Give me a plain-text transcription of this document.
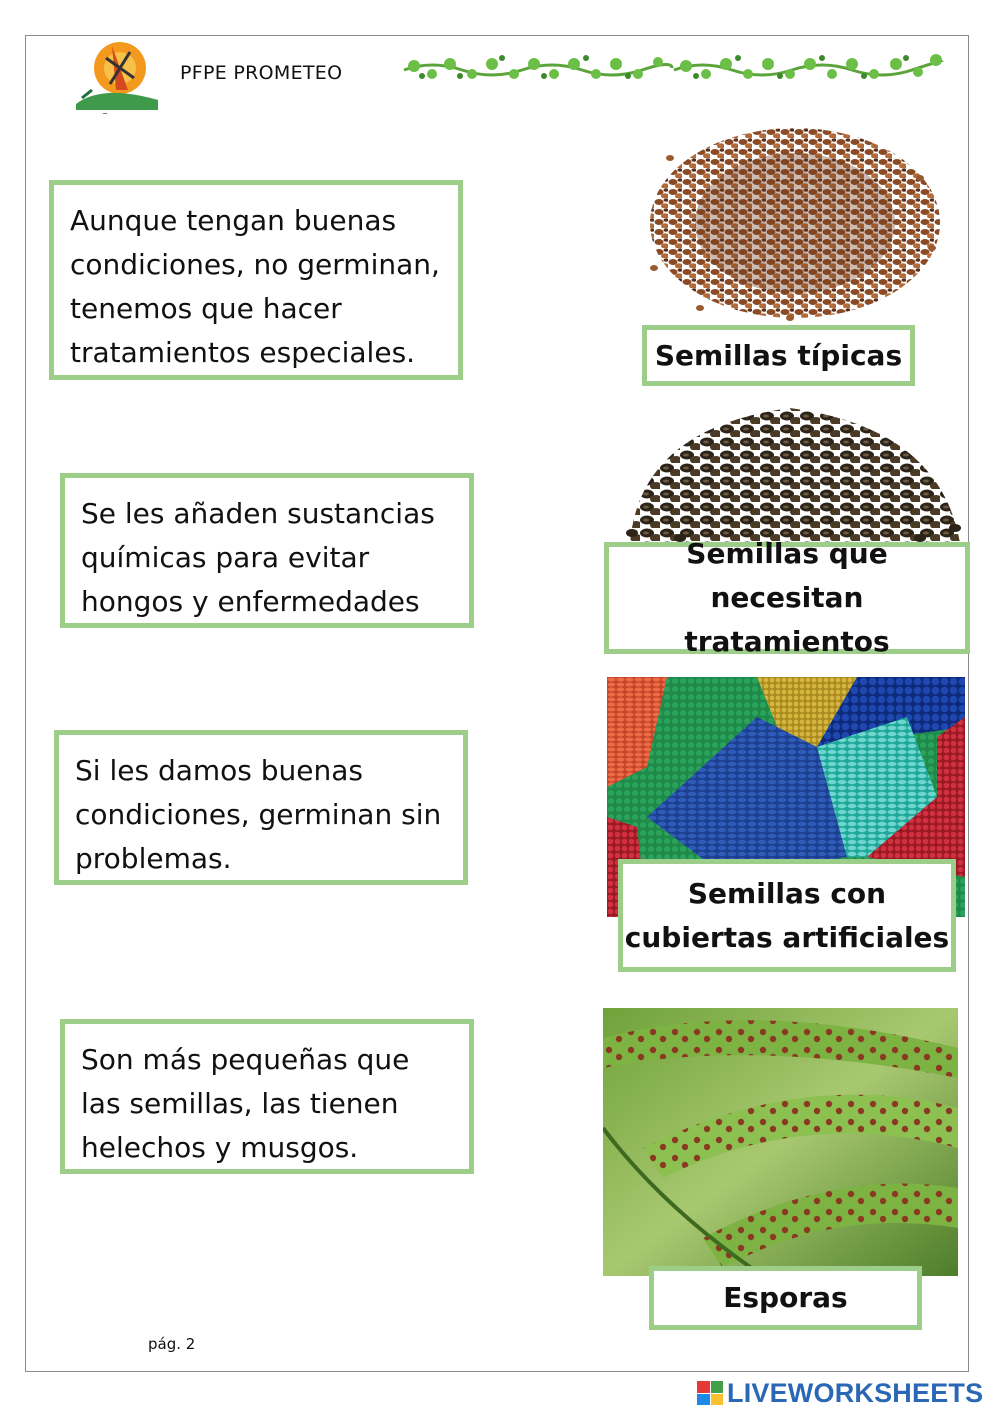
~
PFPE PROMETEO
Aunque tengan buenas condiciones, no germinan, tenemos que hacer tratamientos especiales.
Se les añaden sustancias químicas para evitar hongos y enfermedades
Si les damos buenas condiciones, germinan sin problemas.
Son más pequeñas que las semillas, las tienen helechos y musgos.
Semillas típicas
Semillas que necesitan tratamientos
Semillas con cubiertas artificiales
Esporas
pág. 2
LIVEWORKSHEETS
